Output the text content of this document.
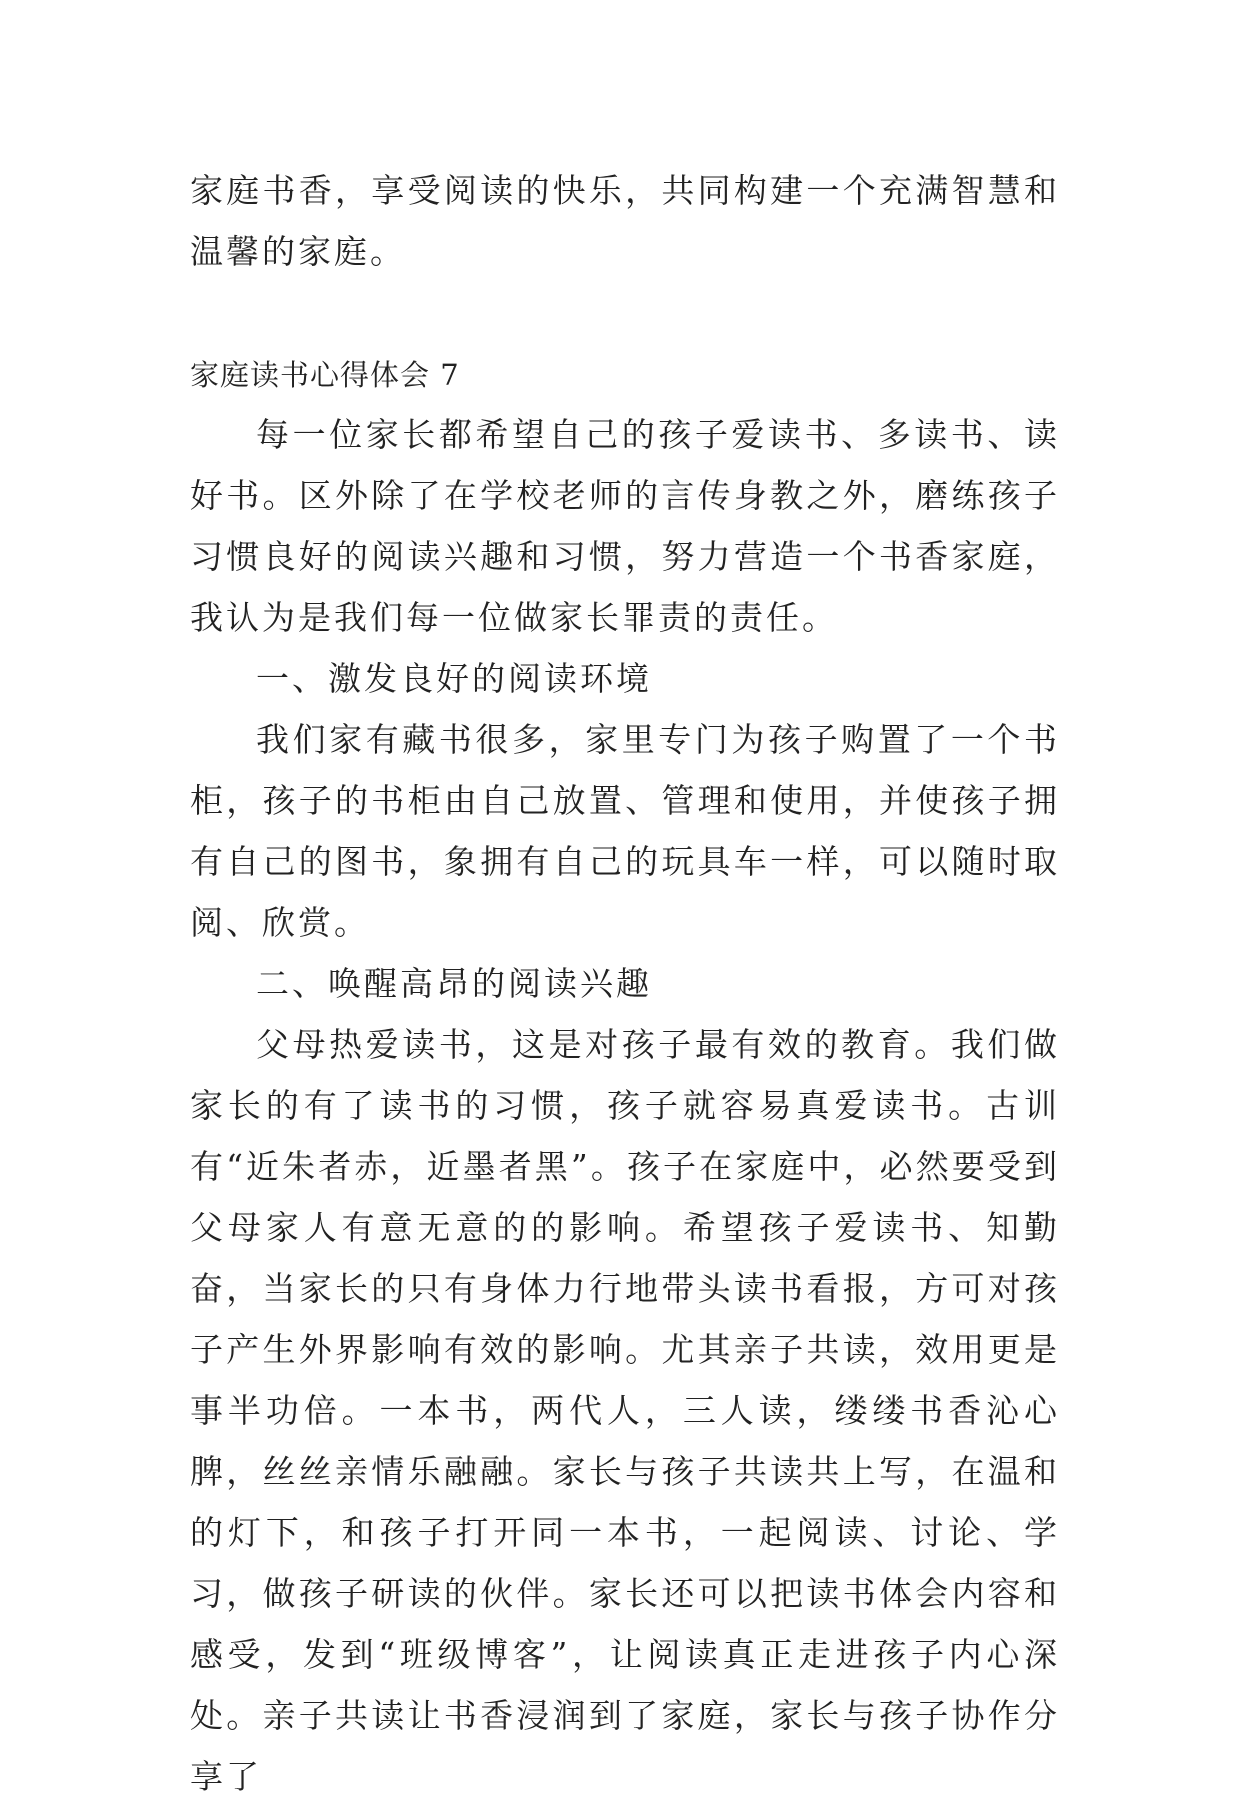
家庭书香，享受阅读的快乐，共同构建一个充满智慧和温馨的家庭。

家庭读书心得体会 7

每一位家长都希望自己的孩子爱读书、多读书、读好书。区外除了在学校老师的言传身教之外，磨练孩子习惯良好的阅读兴趣和习惯，努力营造一个书香家庭，我认为是我们每一位做家长罪责的责任。

一、激发良好的阅读环境

我们家有藏书很多，家里专门为孩子购置了一个书柜，孩子的书柜由自己放置、管理和使用，并使孩子拥有自己的图书，象拥有自己的玩具车一样，可以随时取阅、欣赏。

二、唤醒高昂的阅读兴趣

父母热爱读书，这是对孩子最有效的教育。我们做家长的有了读书的习惯，孩子就容易真爱读书。古训有“近朱者赤，近墨者黑”。孩子在家庭中，必然要受到父母家人有意无意的的影响。希望孩子爱读书、知勤奋，当家长的只有身体力行地带头读书看报，方可对孩子产生外界影响有效的影响。尤其亲子共读，效用更是事半功倍。一本书，两代人，三人读，缕缕书香沁心脾，丝丝亲情乐融融。家长与孩子共读共上写，在温和的灯下，和孩子打开同一本书，一起阅读、讨论、学习，做孩子研读的伙伴。家长还可以把读书体会内容和感受，发到“班级博客”，让阅读真正走进孩子内心深处。亲子共读让书香浸润到了家庭，家长与孩子协作分享了
